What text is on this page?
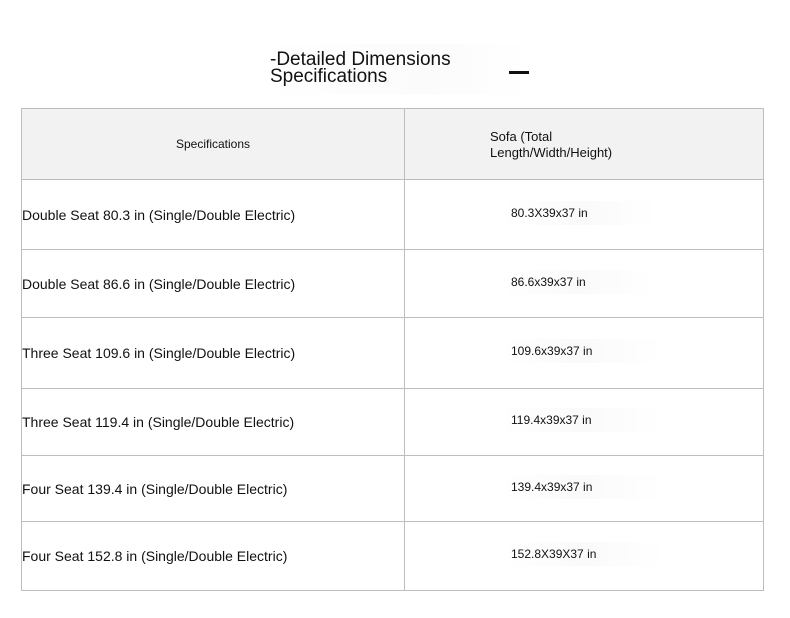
-Detailed Dimensions
Specifications
Specifications	Sofa (Total
Length/Width/Height)

Double Seat 80.3 in (Single/Double Electric)	80.3X39x37 in
Double Seat 86.6 in (Single/Double Electric)	86.6x39x37 in
Three Seat 109.6 in (Single/Double Electric)	109.6x39x37 in
Three Seat 119.4 in (Single/Double Electric)	119.4x39x37 in
Four Seat 139.4 in (Single/Double Electric)	139.4x39x37 in
Four Seat 152.8 in (Single/Double Electric)	152.8X39X37 in
